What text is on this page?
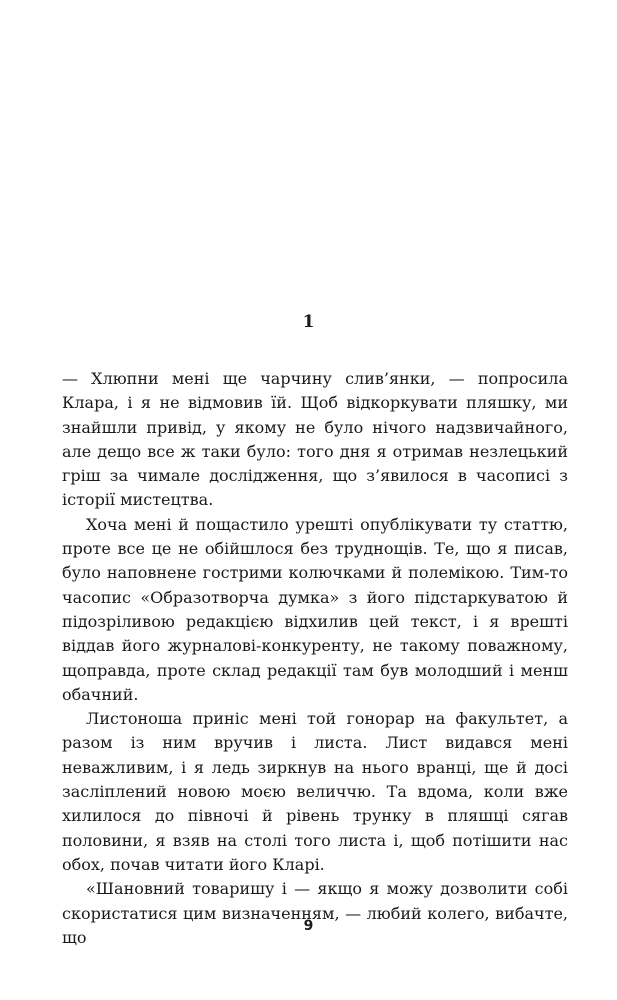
1

— Хлюпни мені ще чарчину слив’янки, — попросила Клара, і я не відмовив їй. Щоб відкоркувати пляшку, ми знайшли привід, у якому не було нічого надзвичайного, але дещо все ж таки було: того дня я отримав незлецький гріш за чимале дослідження, що з’явилося в часописі з історії мистецтва.

Хоча мені й пощастило урешті опублікувати ту статтю, проте все це не обійшлося без труднощів. Те, що я писав, було наповнене гострими колючками й полемікою. Тим-то часопис «Образотворча думка» з його підстаркуватою й підозріливою редакцією відхилив цей текст, і я врешті віддав його журналові-конкуренту, не такому поважному, щоправда, проте склад редакції там був молодший і менш обачний.

Листоноша приніс мені той гонорар на факультет, а разом із ним вручив і листа. Лист видався мені неважливим, і я ледь зиркнув на нього вранці, ще й досі засліплений новою моєю величчю. Та вдома, коли вже хилилося до півночі й рівень трунку в пляшці сягав половини, я взяв на столі того листа і, щоб потішити нас обох, почав читати його Кларі.

«Шановний товаришу і — якщо я можу дозволити собі скористатися цим визначенням, — любий колего, вибачте, що

9
